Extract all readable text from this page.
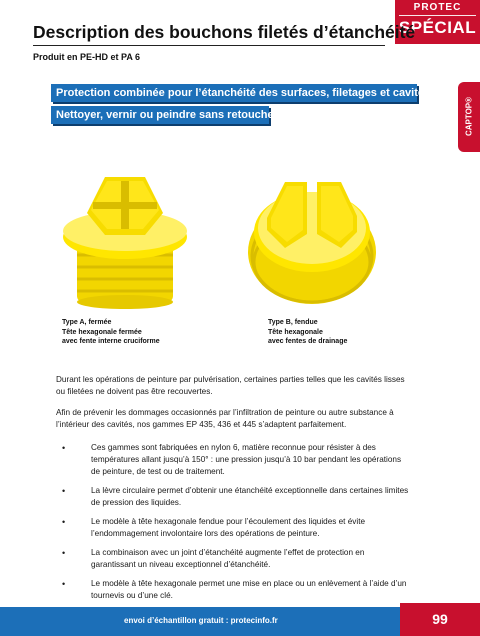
PROTEC
SPÉCIAL
Description des bouchons filetés d’étanchéité
Produit en PE-HD et PA 6
Protection combinée pour l’étanchéité des surfaces, filetages et cavités.
Nettoyer, vernir ou peindre sans retouche.	CAPTOP®
Type A, fermée
Tête hexagonale fermée
avec fente interne cruciforme
Type B, fendue
Tête hexagonale
avec fentes de drainage
Durant les opérations de peinture par pulvérisation, certaines parties telles que les cavités lisses ou filetées ne doivent pas être recouvertes.
Afin de prévenir les dommages occasionnés par l’infiltration de peinture ou autre substance à l’intérieur des cavités, nos gammes EP 435, 436 et 445 s’adaptent parfaitement.
• Ces gammes sont fabriquées en nylon 6, matière reconnue pour résister à des températures allant jusqu’à 150° : une pression jusqu’à 10 bar pendant les opérations de peinture, de test ou de traitement.
• La lèvre circulaire permet d’obtenir une étanchéité exceptionnelle dans certaines limites de pression des liquides.
• Le modèle à tête hexagonale fendue pour l’écoulement des liquides et évite l’endommagement involontaire lors des opérations de peinture.
• La combinaison avec un joint d’étanchéité augmente l’effet de protection en garantissant un niveau exceptionnel d’étanchéité.
• Le modèle à tête hexagonale permet une mise en place ou un enlèvement à l’aide d’un tournevis ou d’une clé.
envoi d’échantillon gratuit : protecinfo.fr	99
